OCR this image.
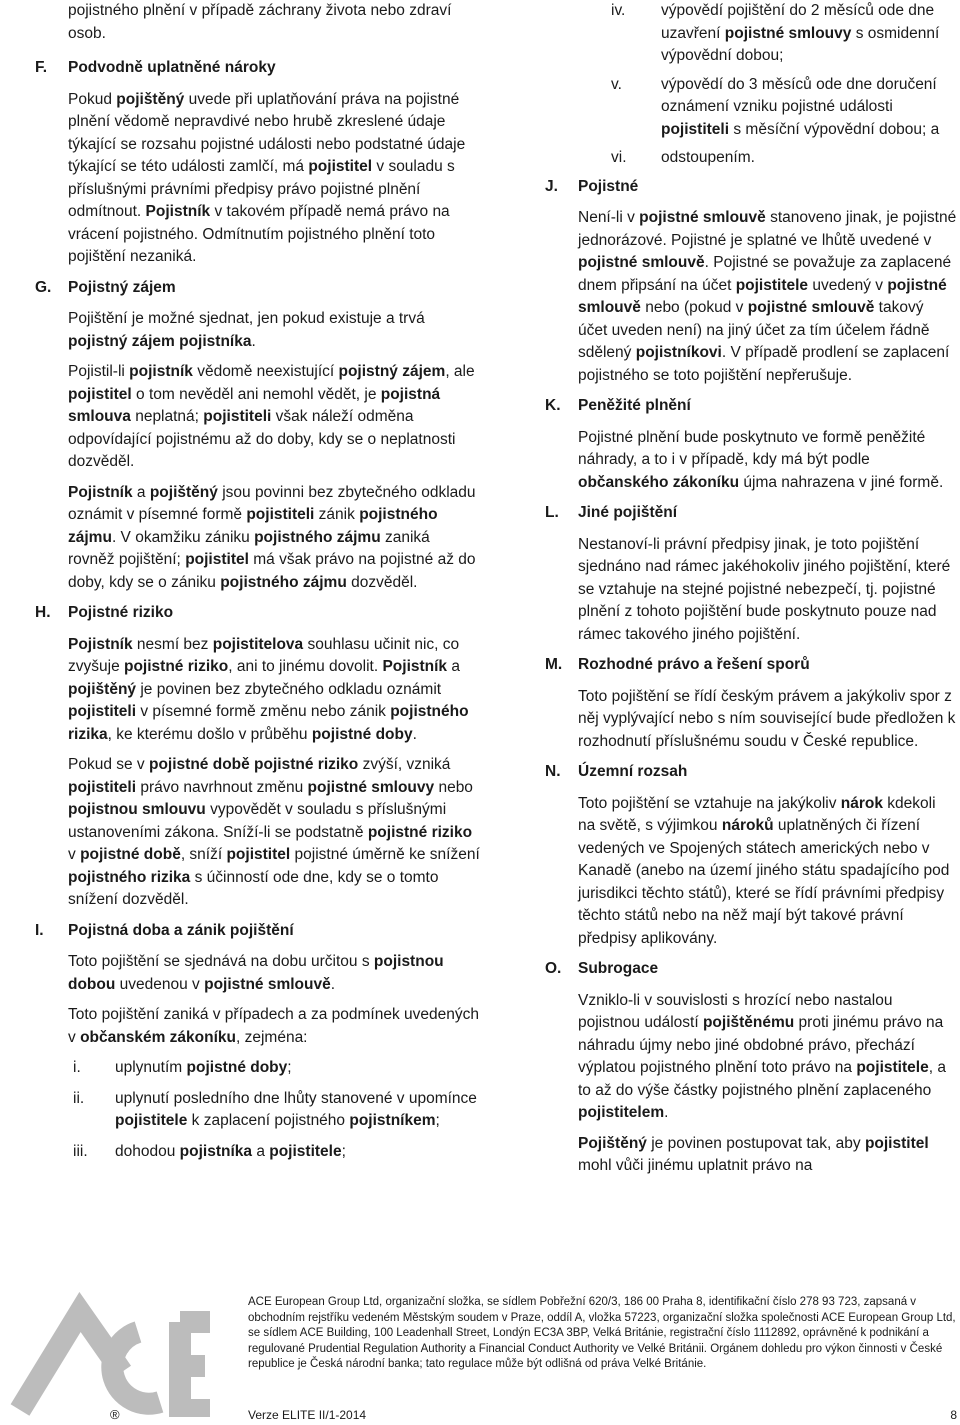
pojistného plnění v případě záchrany života nebo zdraví osob.
F. Podvodně uplatněné nároky
Pokud pojištěný uvede při uplatňování práva na pojistné plnění vědomě nepravdivé nebo hrubě zkreslené údaje týkající se rozsahu pojistné události nebo podstatné údaje týkající se této události zamlčí, má pojistitel v souladu s příslušnými právními předpisy právo pojistné plnění odmítnout. Pojistník v takovém případě nemá právo na vrácení pojistného. Odmítnutím pojistného plnění toto pojištění nezaniká.
G. Pojistný zájem
Pojištění je možné sjednat, jen pokud existuje a trvá pojistný zájem pojistníka.
Pojistil-li pojistník vědomě neexistující pojistný zájem, ale pojistitel o tom nevěděl ani nemohl vědět, je pojistná smlouva neplatná; pojistiteli však náleží odměna odpovídající pojistnému až do doby, kdy se o neplatnosti dozvěděl.
Pojistník a pojištěný jsou povinni bez zbytečného odkladu oznámit v písemné formě pojistiteli zánik pojistného zájmu. V okamžiku zániku pojistného zájmu zaniká rovněž pojištění; pojistitel má však právo na pojistné až do doby, kdy se o zániku pojistného zájmu dozvěděl.
H. Pojistné riziko
Pojistník nesmí bez pojistitelova souhlasu učinit nic, co zvyšuje pojistné riziko, ani to jinému dovolit. Pojistník a pojištěný je povinen bez zbytečného odkladu oznámit pojistiteli v písemné formě změnu nebo zánik pojistného rizika, ke kterému došlo v průběhu pojistné doby.
Pokud se v pojistné době pojistné riziko zvýší, vzniká pojistiteli právo navrhnout změnu pojistné smlouvy nebo pojistnou smlouvu vypovědět v souladu s příslušnými ustanoveními zákona. Sníží-li se podstatně pojistné riziko v pojistné době, sníží pojistitel pojistné úměrně ke snížení pojistného rizika s účinností ode dne, kdy se o tomto snížení dozvěděl.
I. Pojistná doba a zánik pojištění
Toto pojištění se sjednává na dobu určitou s pojistnou dobou uvedenou v pojistné smlouvě.
Toto pojištění zaniká v případech a za podmínek uvedených v občanském zákoníku, zejména:
i.	uplynutím pojistné doby;
ii.	uplynutí posledního dne lhůty stanovené v upomínce pojistitele k zaplacení pojistného pojistníkem;
iii.	dohodou pojistníka a pojistitele;
iv.	výpovědí pojištění do 2 měsíců ode dne uzavření pojistné smlouvy s osmidenní výpovědní dobou;
v.	výpovědí do 3 měsíců ode dne doručení oznámení vzniku pojistné události pojistiteli s měsíční výpovědní dobou; a
vi.	odstoupením.
J. Pojistné
Není-li v pojistné smlouvě stanoveno jinak, je pojistné jednorázové. Pojistné je splatné ve lhůtě uvedené v pojistné smlouvě. Pojistné se považuje za zaplacené dnem připsání na účet pojistitele uvedený v pojistné smlouvě nebo (pokud v pojistné smlouvě takový účet uveden není) na jiný účet za tím účelem řádně sdělený pojistníkovi. V případě prodlení se zaplacení pojistného se toto pojištění nepřerušuje.
K. Peněžité plnění
Pojistné plnění bude poskytnuto ve formě peněžité náhrady, a to i v případě, kdy má být podle občanského zákoníku újma nahrazena v jiné formě.
L. Jiné pojištění
Nestanoví-li právní předpisy jinak, je toto pojištění sjednáno nad rámec jakéhokoliv jiného pojištění, které se vztahuje na stejné pojistné nebezpečí, tj. pojistné plnění z tohoto pojištění bude poskytnuto pouze nad rámec takového jiného pojištění.
M. Rozhodné právo a řešení sporů
Toto pojištění se řídí českým právem a jakýkoliv spor z něj vyplývající nebo s ním související bude předložen k rozhodnutí příslušnému soudu v České republice.
N. Územní rozsah
Toto pojištění se vztahuje na jakýkoliv nárok kdekoli na světě, s výjimkou nároků uplatněných či řízení vedených ve Spojených státech amerických nebo v Kanadě (anebo na území jiného státu spadajícího pod jurisdikci těchto států), které se řídí právními předpisy těchto států nebo na něž mají být takové právní předpisy aplikovány.
O. Subrogace
Vzniklo-li v souvislosti s hrozící nebo nastalou pojistnou událostí pojištěnému proti jinému právo na náhradu újmy nebo jiné obdobné právo, přechází výplatou pojistného plnění toto právo na pojistitele, a to až do výše částky pojistného plnění zaplaceného pojistitelem.
Pojištěný je povinen postupovat tak, aby pojistitel mohl vůči jinému uplatnit právo na

ACE European Group Ltd, organizační složka, se sídlem Pobřežní 620/3, 186 00 Praha 8, identifikační číslo 278 93 723, zapsaná v obchodním rejstříku vedeném Městským soudem v Praze, oddíl A, vložka 57223, organizační složka společnosti ACE European Group Ltd, se sídlem ACE Building, 100 Leadenhall Street, Londýn EC3A 3BP, Velká Británie, registrační číslo 1112892, oprávněné k podnikání a regulované Prudential Regulation Authority a Financial Conduct Authority ve Velké Británii. Orgánem dohledu pro výkon činnosti v České republice je Česká národní banka; tato regulace může být odlišná od práva Velké Británie.

®	Verze ELITE II/1-2014	8
